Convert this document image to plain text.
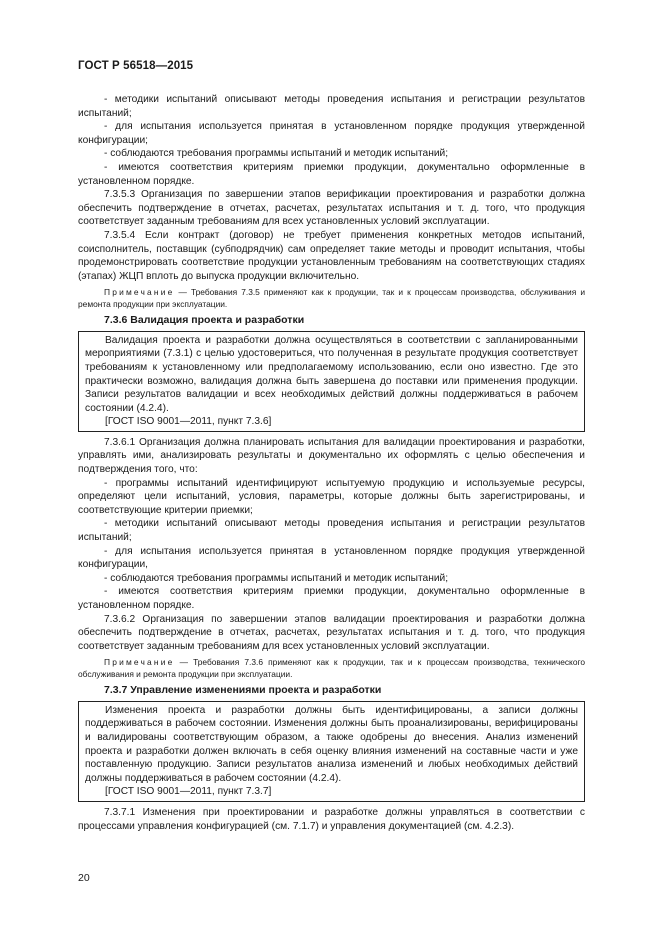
ГОСТ Р 56518—2015

- методики испытаний описывают методы проведения испытания и регистрации результатов испытаний;

- для испытания используется принятая в установленном порядке продукция утвержденной конфигурации;

- соблюдаются требования программы испытаний и методик испытаний;

- имеются соответствия критериям приемки продукции, документально оформленные в установленном порядке.

7.3.5.3 Организация по завершении этапов верификации проектирования и разработки должна обеспечить подтверждение в отчетах, расчетах, результатах испытания и т. д. того, что продукция соответствует заданным требованиям для всех установленных условий эксплуатации.

7.3.5.4 Если контракт (договор) не требует применения конкретных методов испытаний, соисполнитель, поставщик (субподрядчик) сам определяет такие методы и проводит испытания, чтобы продемонстрировать соответствие продукции установленным требованиям на соответствующих стадиях (этапах) ЖЦП вплоть до выпуска продукции включительно.

Примечание — Требования 7.3.5 применяют как к продукции, так и к процессам производства, обслуживания и ремонта продукции при эксплуатации.

7.3.6 Валидация проекта и разработки

Валидация проекта и разработки должна осуществляться в соответствии с запланированными мероприятиями (7.3.1) с целью удостовериться, что полученная в результате продукция соответствует требованиям к установленному или предполагаемому использованию, если оно известно. Где это практически возможно, валидация должна быть завершена до поставки или применения продукции. Записи результатов валидации и всех необходимых действий должны поддерживаться в рабочем состоянии (4.2.4).

[ГОСТ ISO 9001—2011, пункт 7.3.6]

7.3.6.1 Организация должна планировать испытания для валидации проектирования и разработки, управлять ими, анализировать результаты и документально их оформлять с целью обеспечения и подтверждения того, что:

- программы испытаний идентифицируют испытуемую продукцию и используемые ресурсы, определяют цели испытаний, условия, параметры, которые должны быть зарегистрированы, и соответствующие критерии приемки;

- методики испытаний описывают методы проведения испытания и регистрации результатов испытаний;

- для испытания используется принятая в установленном порядке продукция утвержденной конфигурации,

- соблюдаются требования программы испытаний и методик испытаний;

- имеются соответствия критериям приемки продукции, документально оформленные в установленном порядке.

7.3.6.2 Организация по завершении этапов валидации проектирования и разработки должна обеспечить подтверждение в отчетах, расчетах, результатах испытания и т. д. того, что продукция соответствует заданным требованиям для всех установленных условий эксплуатации.

Примечание — Требования 7.3.6 применяют как к продукции, так и к процессам производства, технического обслуживания и ремонта продукции при эксплуатации.

7.3.7 Управление изменениями проекта и разработки

Изменения проекта и разработки должны быть идентифицированы, а записи должны поддерживаться в рабочем состоянии. Изменения должны быть проанализированы, верифицированы и валидированы соответствующим образом, а также одобрены до внесения. Анализ изменений проекта и разработки должен включать в себя оценку влияния изменений на составные части и уже поставленную продукцию. Записи результатов анализа изменений и любых необходимых действий должны поддерживаться в рабочем состоянии (4.2.4).

[ГОСТ ISO 9001—2011, пункт 7.3.7]

7.3.7.1 Изменения при проектировании и разработке должны управляться в соответствии с процессами управления конфигурацией (см. 7.1.7) и управления документацией (см. 4.2.3).

20
